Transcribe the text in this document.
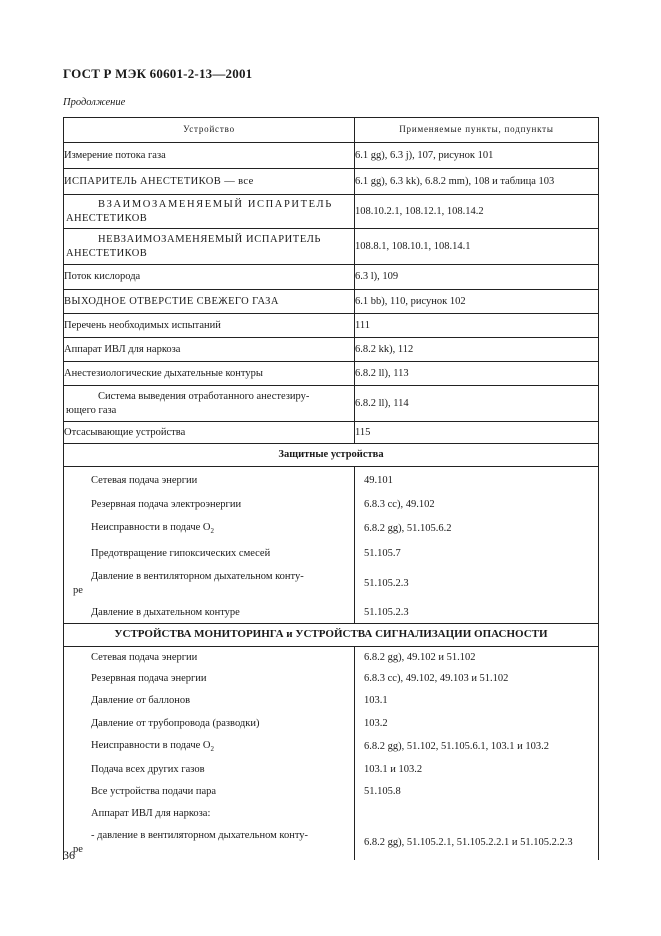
ГОСТ Р МЭК 60601-2-13—2001
Продолжение
Устройство	Применяемые пункты, подпункты
Измерение потока газа	6.1 gg), 6.3 j), 107, рисунок 101
ИСПАРИТЕЛЬ АНЕСТЕТИКОВ — все	6.1 gg), 6.3 kk), 6.8.2 mm), 108 и таблица 103

ВЗАИМОЗАМЕНЯЕМЫЙ ИСПАРИТЕЛЬ
АНЕСТЕТИКОВ	108.10.2.1, 108.12.1, 108.14.2

НЕВЗАИМОЗАМЕНЯЕМЫЙ ИСПАРИТЕЛЬ
АНЕСТЕТИКОВ	108.8.1, 108.10.1, 108.14.1
Поток кислорода	6.3 l), 109
ВЫХОДНОЕ ОТВЕРСТИЕ СВЕЖЕГО ГАЗА	6.1 bb), 110, рисунок 102
Перечень необходимых испытаний	111
Аппарат ИВЛ для наркоза	6.8.2 kk), 112
Анестезиологические дыхательные контуры	6.8.2 ll), 113

Система выведения отработанного анестезиру-
ющего газа	6.8.2 ll), 114
Отсасывающие устройства	115
Защитные устройства	
Сетевая подача энергии	49.101
Резервная подача электроэнергии	6.8.3 cc), 49.102
Неисправности в подаче $O_2$	6.8.2 gg), 51.105.6.2
Предотвращение гипоксических смесей	51.105.7

Давление в вентиляторном дыхательном конту-
ре	51.105.2.3
Давление в дыхательном контуре	51.105.2.3
УСТРОЙСТВА МОНИТОРИНГА и УСТРОЙСТВА СИГНАЛИЗАЦИИ ОПАСНОСТИ	
Сетевая подача энергии	6.8.2 gg), 49.102 и 51.102
Резервная подача энергии	6.8.3 cc), 49.102, 49.103 и 51.102
Давление от баллонов	103.1
Давление от трубопровода (разводки)	103.2
Неисправности в подаче $O_2$	6.8.2 gg), 51.102, 51.105.6.1, 103.1 и 103.2
Подача всех других газов	103.1 и 103.2
Все устройства подачи пара	51.105.8
Аппарат ИВЛ для наркоза:	

- давление в вентиляторном дыхательном конту-
ре	6.8.2 gg), 51.105.2.1, 51.105.2.2.1 и 51.105.2.2.3
36
